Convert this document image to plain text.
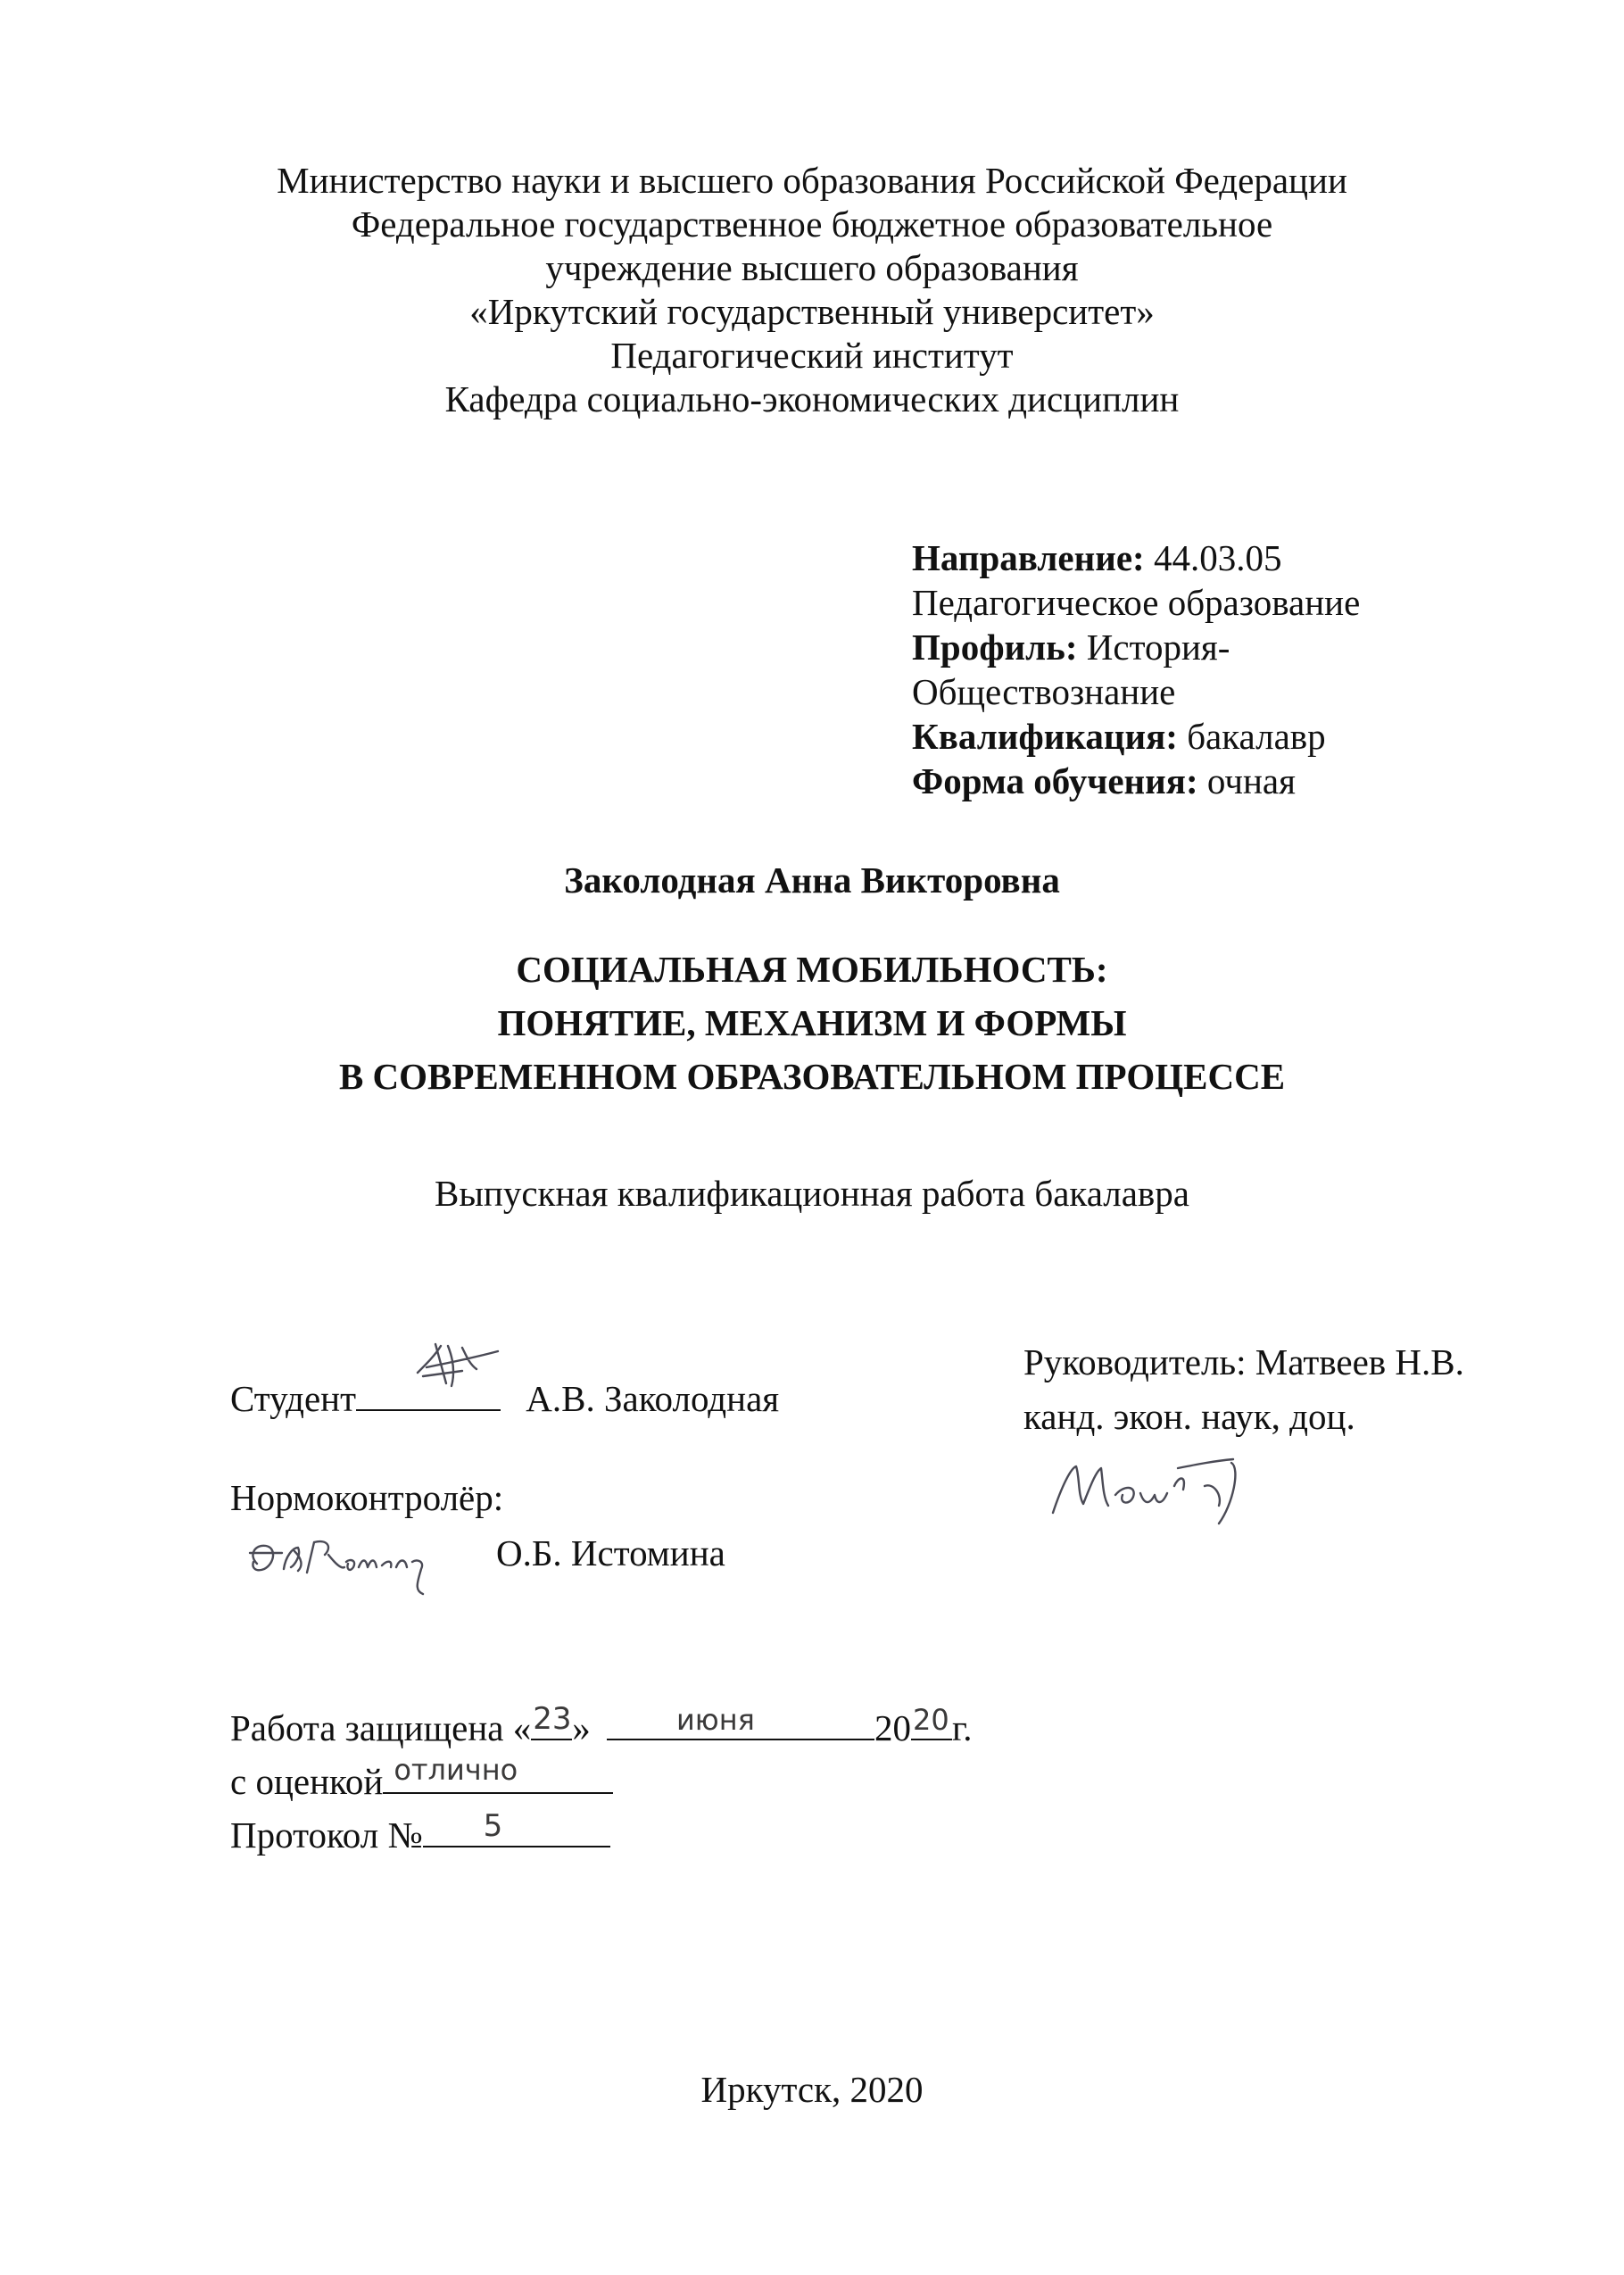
Министерство науки и высшего образования Российской Федерации
Федеральное государственное бюджетное образовательное
учреждение высшего образования
«Иркутский государственный университет»
Педагогический институт
Кафедра социально-экономических дисциплин
Направление: 44.03.05
Педагогическое образование
Профиль: История-
Обществознание
Квалификация: бакалавр
Форма обучения: очная
Заколодная Анна Викторовна
СОЦИАЛЬНАЯ МОБИЛЬНОСТЬ:
ПОНЯТИЕ, МЕХАНИЗМ И ФОРМЫ
В СОВРЕМЕННОМ ОБРАЗОВАТЕЛЬНОМ ПРОЦЕССЕ
Выпускная квалификационная работа бакалавра
Студент	А.В. Заколодная
Руководитель: Матвеев Н.В.
канд. экон. наук, доц.
Нормоконтролёр:
О.Б. Истомина
Работа защищена « 23 »	июня	20 20 г.
с оценкой отлично
Протокол № 5
Иркутск, 2020
